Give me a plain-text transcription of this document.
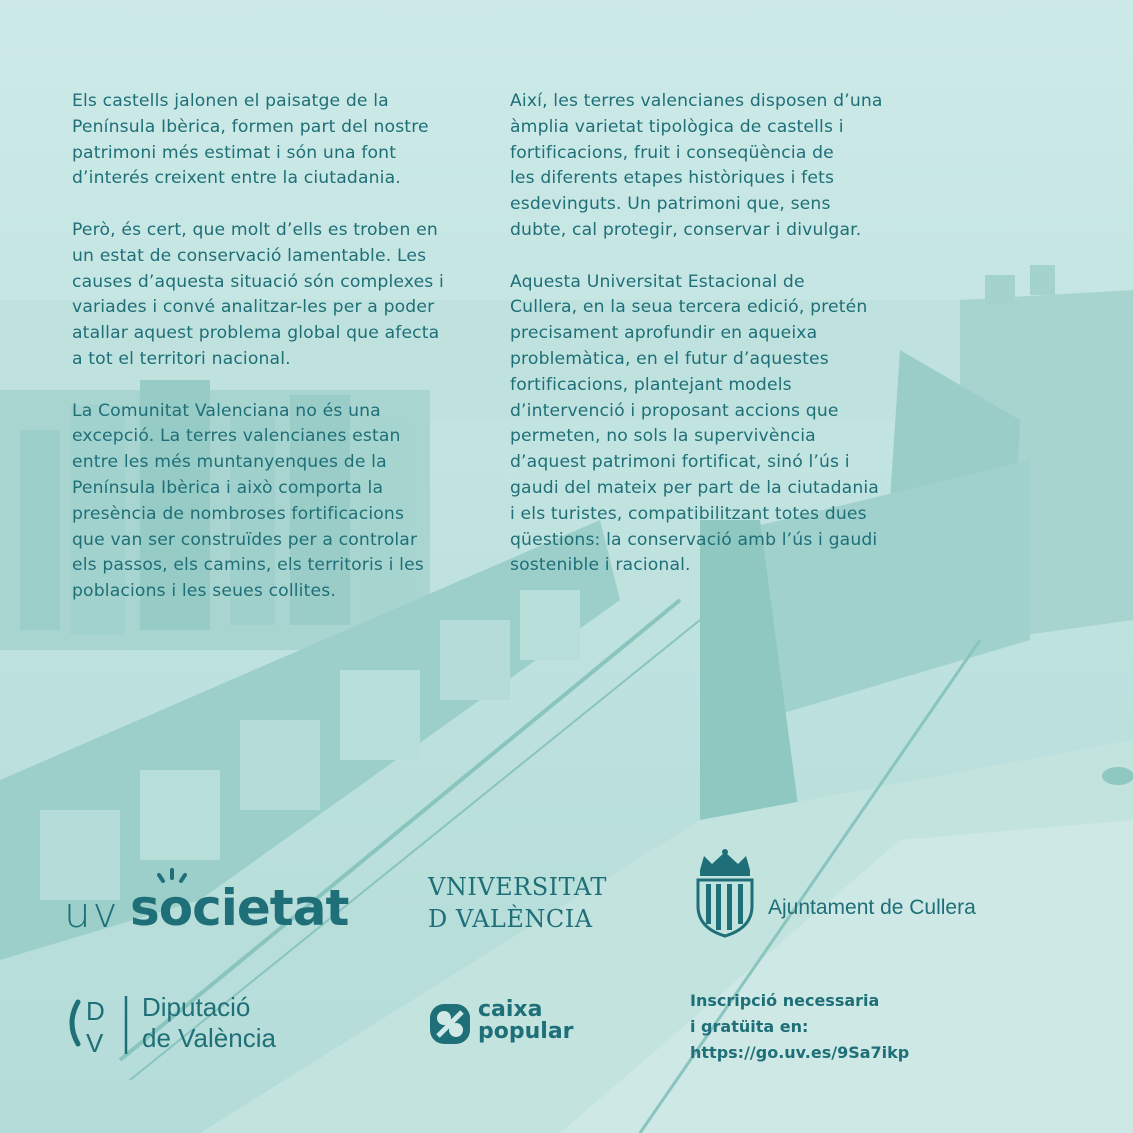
Els castells jalonen el paisatge de la
Península Ibèrica, formen part del nostre
patrimoni més estimat i són una font
d’interés creixent entre la ciutadania.

Però, és cert, que molt d’ells es troben en
un estat de conservació lamentable. Les
causes d’aquesta situació són complexes i
variades i convé analitzar-les per a poder
atallar aquest problema global que afecta
a tot el territori nacional.

La Comunitat Valenciana no és una
excepció. La terres valencianes estan
entre les més muntanyenques de la
Península Ibèrica i això comporta la
presència de nombroses fortificacions
que van ser construïdes per a controlar
els passos, els camins, els territoris i les
poblacions i les seues collites.

Així, les terres valencianes disposen d’una
àmplia varietat tipològica de castells i
fortificacions, fruit i conseqüència de
les diferents etapes històriques i fets
esdevinguts. Un patrimoni que, sens
dubte, cal protegir, conservar i divulgar.

Aquesta Universitat Estacional de
Cullera, en la seua tercera edició, pretén
precisament aprofundir en aqueixa
problemàtica, en el futur d’aquestes
fortificacions, plantejant models
d’intervenció i proposant accions que
permeten, no sols la supervivència
d’aquest patrimoni fortificat, sinó l’ús i
gaudi del mateix per part de la ciutadania
i els turistes, compatibilitzant totes dues
qüestions: la conservació amb l’ús i gaudi
sostenible i racional.

uv societat	VNIVERSITAT
D VALÈNCIA	Ajuntament de Cullera
D
V
Diputació
de València
caixa
popular
Inscripció necessaria
i gratüita en:
https://go.uv.es/9Sa7ikp
